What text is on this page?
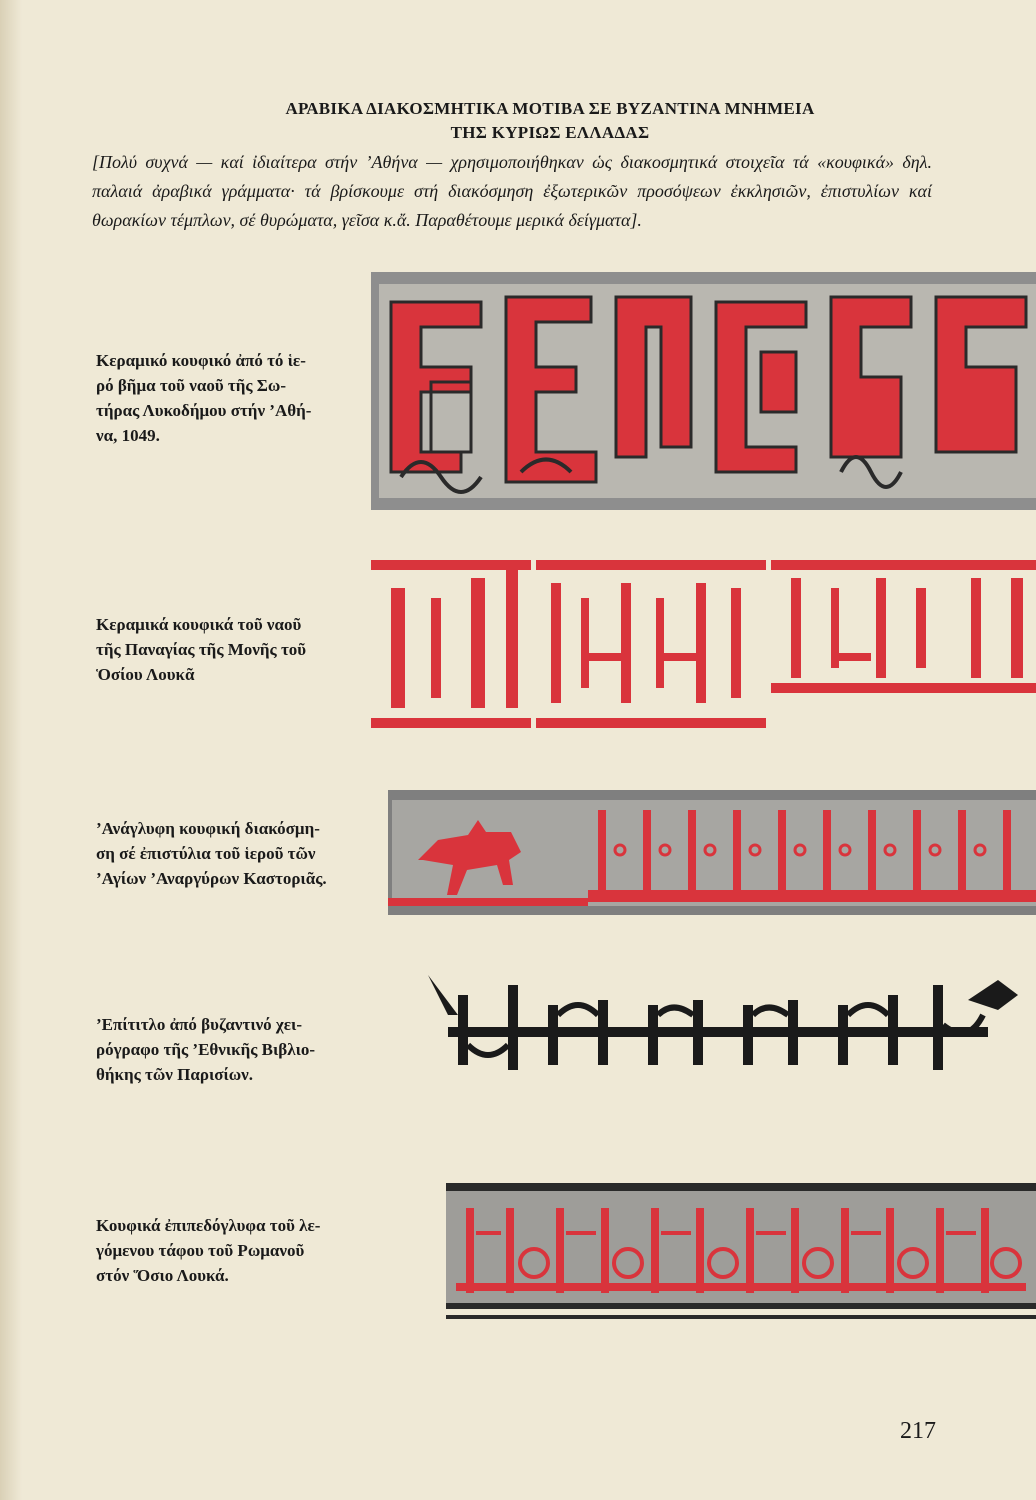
ΑΡΑΒΙΚΑ ΔΙΑΚΟΣΜΗΤΙΚΑ ΜΟΤΙΒΑ ΣΕ ΒΥΖΑΝΤΙΝΑ ΜΝΗΜΕΙΑ
ΤΗΣ ΚΥΡΙΩΣ ΕΛΛΑΔΑΣ
[Πολύ συχνά — καί ἰδιαίτερα στήν ’Αθήνα — χρησιμοποιήθηκαν ὡς διακοσμητικά στοιχεῖα τά «κουφικά» δηλ. παλαιά ἀραβικά γράμματα· τά βρίσκουμε στή διακόσμηση ἐξωτερικῶν προσόψεων ἐκκλησιῶν, ἐπιστυλίων καί θωρακίων τέμπλων, σέ θυρώματα, γεῖσα κ.ἄ. Παραθέτουμε μερικά δείγματα].
Κεραμικό κουφικό ἀπό τό ἱε-
ρό βῆμα τοῦ ναοῦ τῆς Σω-
τήρας Λυκοδήμου στήν ’Αθή-
να, 1049.
Κεραμικά κουφικά τοῦ ναοῦ
τῆς Παναγίας τῆς Μονῆς τοῦ
Ὁσίου Λουκᾶ
’Ανάγλυφη κουφική διακόσμη-
ση σέ ἐπιστύλια τοῦ ἱεροῦ τῶν
’Αγίων ’Αναργύρων Καστοριᾶς.
’Επίτιτλο ἀπό βυζαντινό χει-
ρόγραφο τῆς ’Εθνικῆς Βιβλιο-
θήκης τῶν Παρισίων.
Κουφικά ἐπιπεδόγλυφα τοῦ λε-
γόμενου τάφου τοῦ Ρωμανοῦ
στόν Ὅσιο Λουκά.
217
